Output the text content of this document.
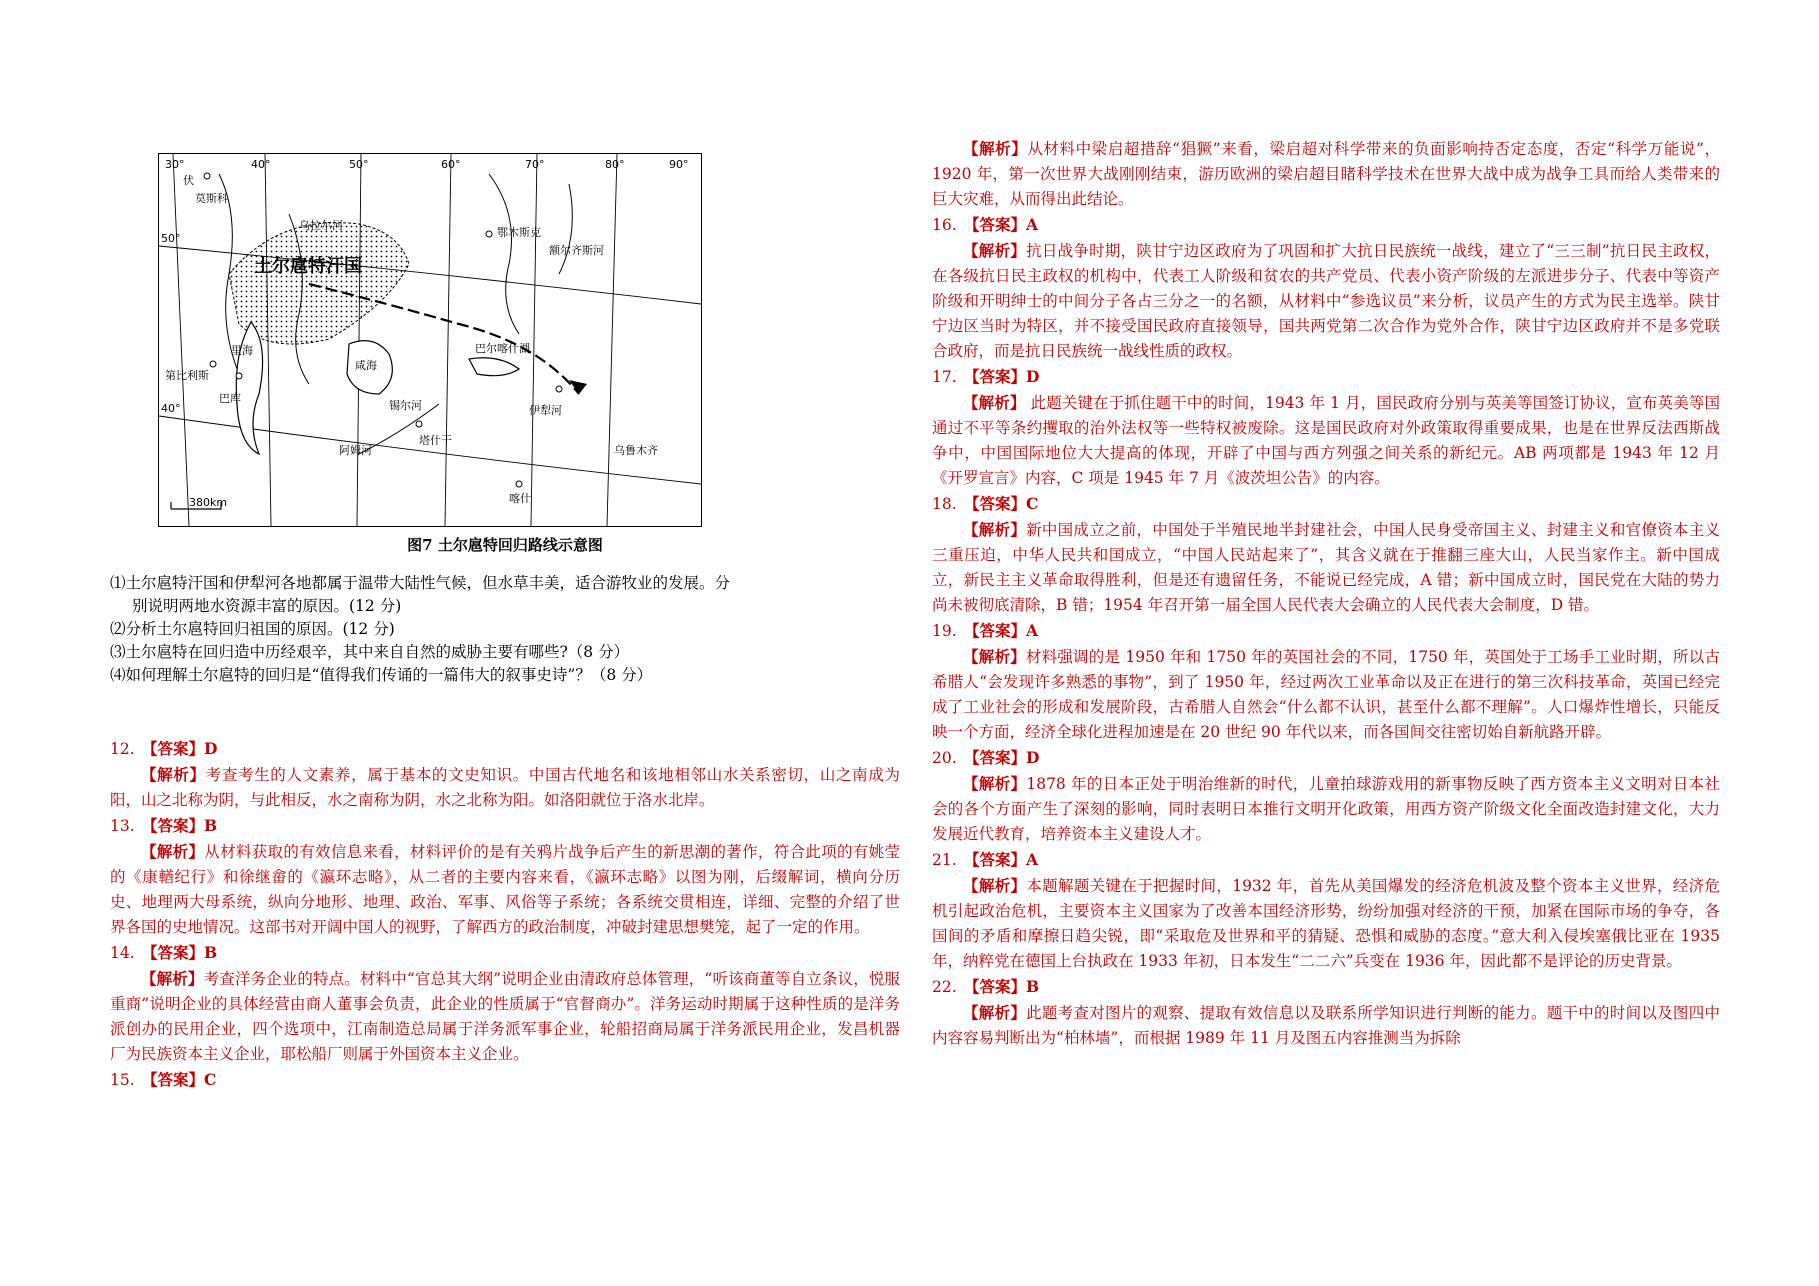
30°	40°	50°	60°	70°	80°	90°
50°
40°
伏
莫斯科
土尔扈特汗国
第比利斯
巴库
鄂木斯克
乌鲁木齐
塔什干
咸海
巴尔喀什湖
里海
喀什
伊犁河
额尔齐斯河
乌拉尔河
锡尔河
阿姆河
380km
图7 土尔扈特回归路线示意图

⑴土尔扈特汗国和伊犁河各地都属于温带大陆性气候，但水草丰美，适合游牧业的发展。分

别说明两地水资源丰富的原因。(12 分)

⑵分析土尔扈特回归祖国的原因。(12 分)

⑶土尔扈特在回归造中历经艰辛，其中来自自然的威胁主要有哪些?（8 分）

⑷如何理解土尔扈特的回归是“值得我们传诵的一篇伟大的叙事史诗”？（8 分）

12. 【答案】D

【解析】考查考生的人文素养，属于基本的文史知识。中国古代地名和该地相邻山水关系密切，山之南成为阳，山之北称为阴，与此相反，水之南称为阴，水之北称为阳。如洛阳就位于洛水北岸。

13. 【答案】B

【解析】从材料获取的有效信息来看，材料评价的是有关鸦片战争后产生的新思潮的著作，符合此项的有姚莹的《康輶纪行》和徐继畲的《瀛环志略》，从二者的主要内容来看，《瀛环志略》以图为刚，后缀解词，横向分历史、地理两大母系统，纵向分地形、地理、政治、军事、风俗等子系统；各系统交贯相连，详细、完整的介绍了世界各国的史地情况。这部书对开阔中国人的视野，了解西方的政治制度，冲破封建思想樊笼，起了一定的作用。

14. 【答案】B

【解析】考查洋务企业的特点。材料中“官总其大纲”说明企业由清政府总体管理，“听该商董等自立条议，悦服重商”说明企业的具体经营由商人董事会负责，此企业的性质属于“官督商办”。洋务运动时期属于这种性质的是洋务派创办的民用企业，四个选项中，江南制造总局属于洋务派军事企业，轮船招商局属于洋务派民用企业，发昌机器厂为民族资本主义企业，耶松船厂则属于外国资本主义企业。

15. 【答案】C

【解析】从材料中梁启超措辞“猖獗”来看，梁启超对科学带来的负面影响持否定态度，否定“科学万能说”，1920 年，第一次世界大战刚刚结束，游历欧洲的梁启超目睹科学技术在世界大战中成为战争工具而给人类带来的巨大灾难，从而得出此结论。

16. 【答案】A

【解析】抗日战争时期，陕甘宁边区政府为了巩固和扩大抗日民族统一战线，建立了“三三制”抗日民主政权，在各级抗日民主政权的机构中，代表工人阶级和贫农的共产党员、代表小资产阶级的左派进步分子、代表中等资产阶级和开明绅士的中间分子各占三分之一的名额，从材料中“参选议员”来分析，议员产生的方式为民主选举。陕甘宁边区当时为特区，并不接受国民政府直接领导，国共两党第二次合作为党外合作，陕甘宁边区政府并不是多党联合政府，而是抗日民族统一战线性质的政权。

17. 【答案】D

【解析】 此题关键在于抓住题干中的时间，1943 年 1 月，国民政府分别与英美等国签订协议，宣布英美等国通过不平等条约攫取的治外法权等一些特权被废除。这是国民政府对外政策取得重要成果，也是在世界反法西斯战争中，中国国际地位大大提高的体现，开辟了中国与西方列强之间关系的新纪元。AB 两项都是 1943 年 12 月《开罗宣言》内容，C 项是 1945 年 7 月《波茨坦公告》的内容。

18. 【答案】C

【解析】新中国成立之前，中国处于半殖民地半封建社会，中国人民身受帝国主义、封建主义和官僚资本主义三重压迫，中华人民共和国成立，“中国人民站起来了”，其含义就在于推翻三座大山，人民当家作主。新中国成立，新民主主义革命取得胜利，但是还有遗留任务，不能说已经完成，A 错；新中国成立时，国民党在大陆的势力尚未被彻底清除，B 错；1954 年召开第一届全国人民代表大会确立的人民代表大会制度，D 错。

19. 【答案】A

【解析】材料强调的是 1950 年和 1750 年的英国社会的不同，1750 年，英国处于工场手工业时期，所以古希腊人“会发现许多熟悉的事物”，到了 1950 年，经过两次工业革命以及正在进行的第三次科技革命，英国已经完成了工业社会的形成和发展阶段，古希腊人自然会“什么都不认识，甚至什么都不理解”。人口爆炸性增长，只能反映一个方面，经济全球化进程加速是在 20 世纪 90 年代以来，而各国间交往密切始自新航路开辟。

20. 【答案】D

【解析】1878 年的日本正处于明治维新的时代，儿童拍球游戏用的新事物反映了西方资本主义文明对日本社会的各个方面产生了深刻的影响，同时表明日本推行文明开化政策，用西方资产阶级文化全面改造封建文化，大力发展近代教育，培养资本主义建设人才。

21. 【答案】A

【解析】本题解题关键在于把握时间，1932 年，首先从美国爆发的经济危机波及整个资本主义世界，经济危机引起政治危机，主要资本主义国家为了改善本国经济形势，纷纷加强对经济的干预，加紧在国际市场的争夺，各国间的矛盾和摩擦日趋尖锐，即“采取危及世界和平的猜疑、恐惧和威胁的态度。”意大利入侵埃塞俄比亚在 1935 年，纳粹党在德国上台执政在 1933 年初，日本发生“二二六”兵变在 1936 年，因此都不是评论的历史背景。

22. 【答案】B

【解析】此题考查对图片的观察、提取有效信息以及联系所学知识进行判断的能力。题干中的时间以及图四中内容容易判断出为“柏林墙”，而根据 1989 年 11 月及图五内容推测当为拆除
